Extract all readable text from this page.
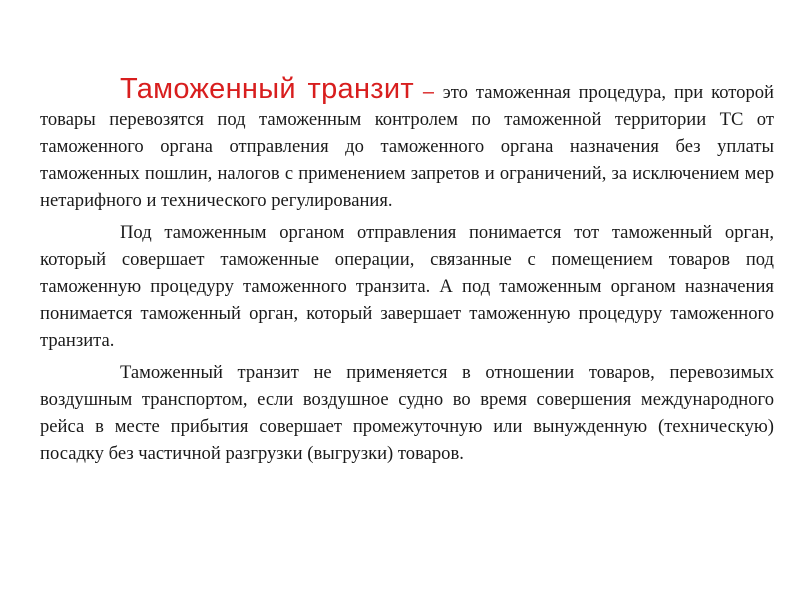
Таможенный транзит – это таможенная процедура, при которой товары перевозятся под таможенным контролем по таможенной территории ТС от таможенного органа отправления до таможенного органа назначения без уплаты таможенных пошлин, налогов с применением запретов и ограничений, за исключением мер нетарифного и технического регулирования.

Под таможенным органом отправления понимается тот таможенный орган, который совершает таможенные операции, связанные с помещением товаров под таможенную процедуру таможенного транзита. А под таможенным органом назначения понимается таможенный орган, который завершает таможенную процедуру таможенного транзита.

Таможенный транзит не применяется в отношении товаров, перевозимых воздушным транспортом, если воздушное судно во время совершения международного рейса в месте прибытия совершает промежуточную или вынужденную (техническую) посадку без частичной разгрузки (выгрузки) товаров.
